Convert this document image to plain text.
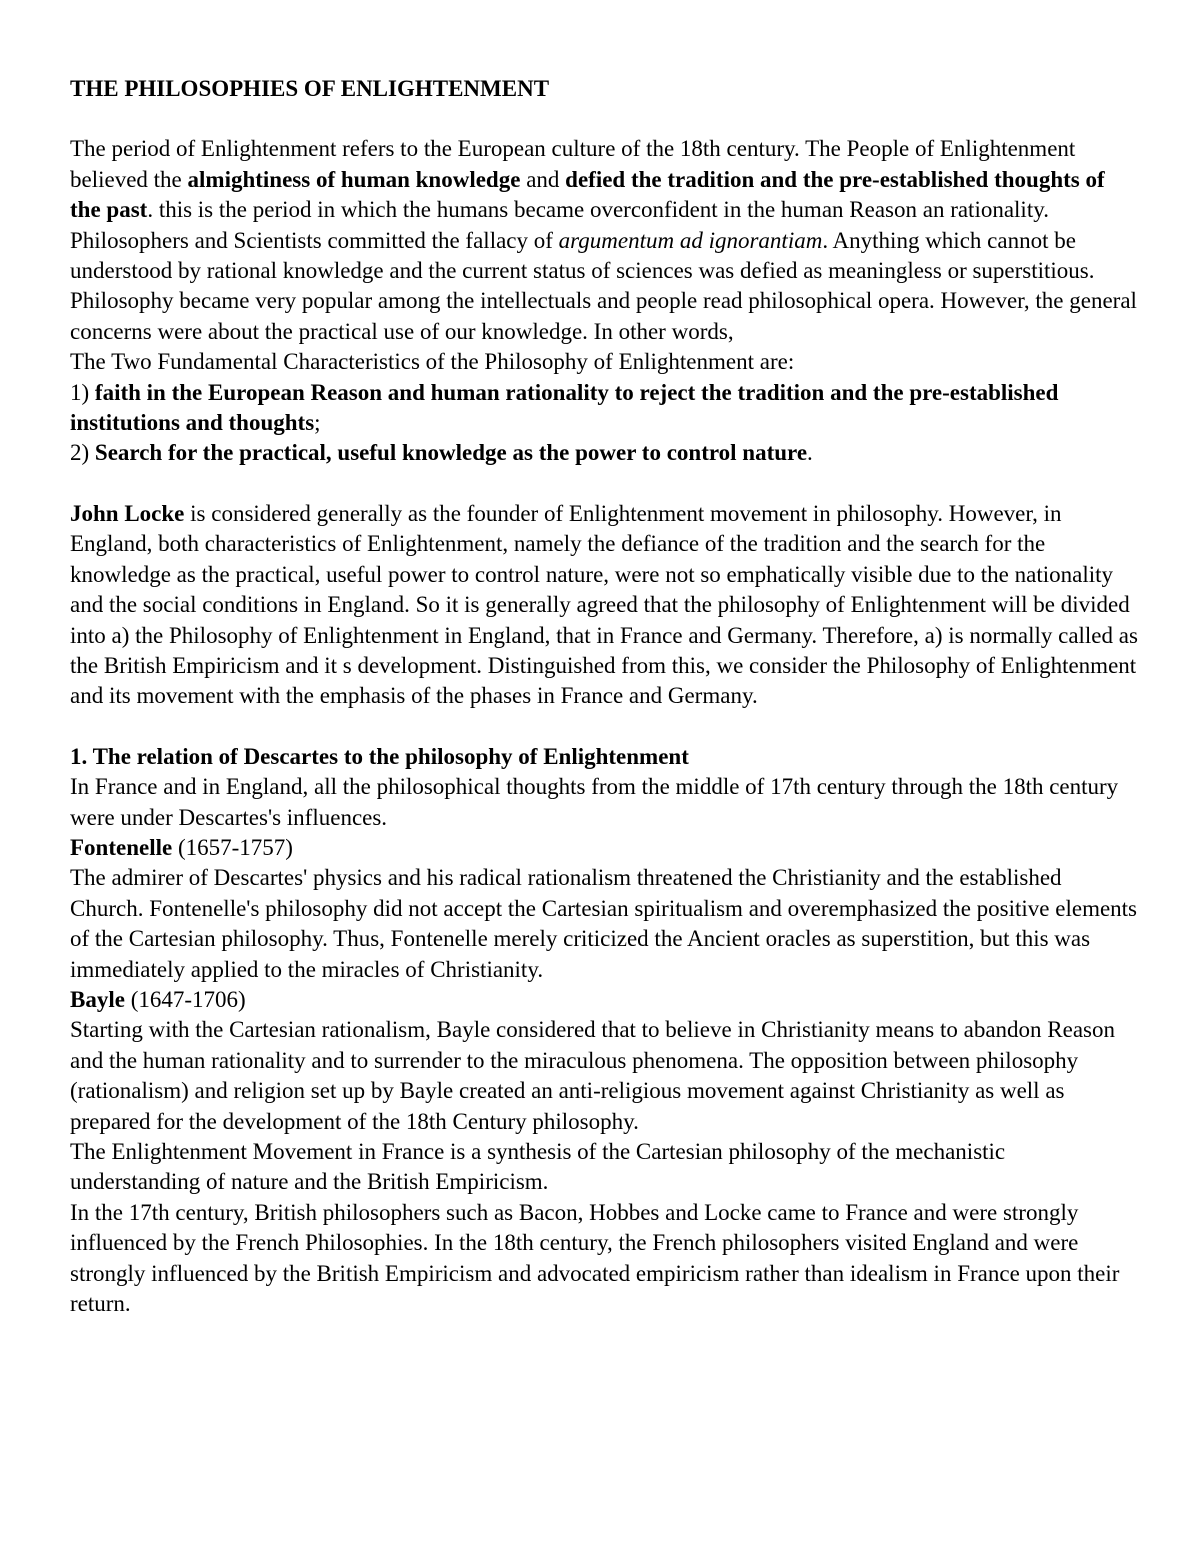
THE PHILOSOPHIES OF ENLIGHTENMENT

The period of Enlightenment refers to the European culture of the 18th century. The People of Enlightenment believed the almightiness of human knowledge and defied the tradition and the pre-established thoughts of the past. this is the period in which the humans became overconfident in the human Reason an rationality. Philosophers and Scientists committed the fallacy of argumentum ad ignorantiam. Anything which cannot be understood by rational knowledge and the current status of sciences was defied as meaningless or superstitious. Philosophy became very popular among the intellectuals and people read philosophical opera. However, the general concerns were about the practical use of our knowledge. In other words,

The Two Fundamental Characteristics of the Philosophy of Enlightenment are:

1) faith in the European Reason and human rationality to reject the tradition and the pre-established institutions and thoughts;

2) Search for the practical, useful knowledge as the power to control nature.

John Locke is considered generally as the founder of Enlightenment movement in philosophy. However, in England, both characteristics of Enlightenment, namely the defiance of the tradition and the search for the knowledge as the practical, useful power to control nature, were not so emphatically visible due to the nationality and the social conditions in England. So it is generally agreed that the philosophy of Enlightenment will be divided into a) the Philosophy of Enlightenment in England, that in France and Germany. Therefore, a) is normally called as the British Empiricism and it s development. Distinguished from this, we consider the Philosophy of Enlightenment and its movement with the emphasis of the phases in France and Germany.

1. The relation of Descartes to the philosophy of Enlightenment

In France and in England, all the philosophical thoughts from the middle of 17th century through the 18th century were under Descartes's influences.

Fontenelle (1657-1757)

The admirer of Descartes' physics and his radical rationalism threatened the Christianity and the established Church. Fontenelle's philosophy did not accept the Cartesian spiritualism and overemphasized the positive elements of the Cartesian philosophy. Thus, Fontenelle merely criticized the Ancient oracles as superstition, but this was immediately applied to the miracles of Christianity.

Bayle (1647-1706)

Starting with the Cartesian rationalism, Bayle considered that to believe in Christianity means to abandon Reason and the human rationality and to surrender to the miraculous phenomena. The opposition between philosophy (rationalism) and religion set up by Bayle created an anti-religious movement against Christianity as well as prepared for the development of the 18th Century philosophy.

The Enlightenment Movement in France is a synthesis of the Cartesian philosophy of the mechanistic understanding of nature and the British Empiricism.

In the 17th century, British philosophers such as Bacon, Hobbes and Locke came to France and were strongly influenced by the French Philosophies. In the 18th century, the French philosophers visited England and were strongly influenced by the British Empiricism and advocated empiricism rather than idealism in France upon their return.
